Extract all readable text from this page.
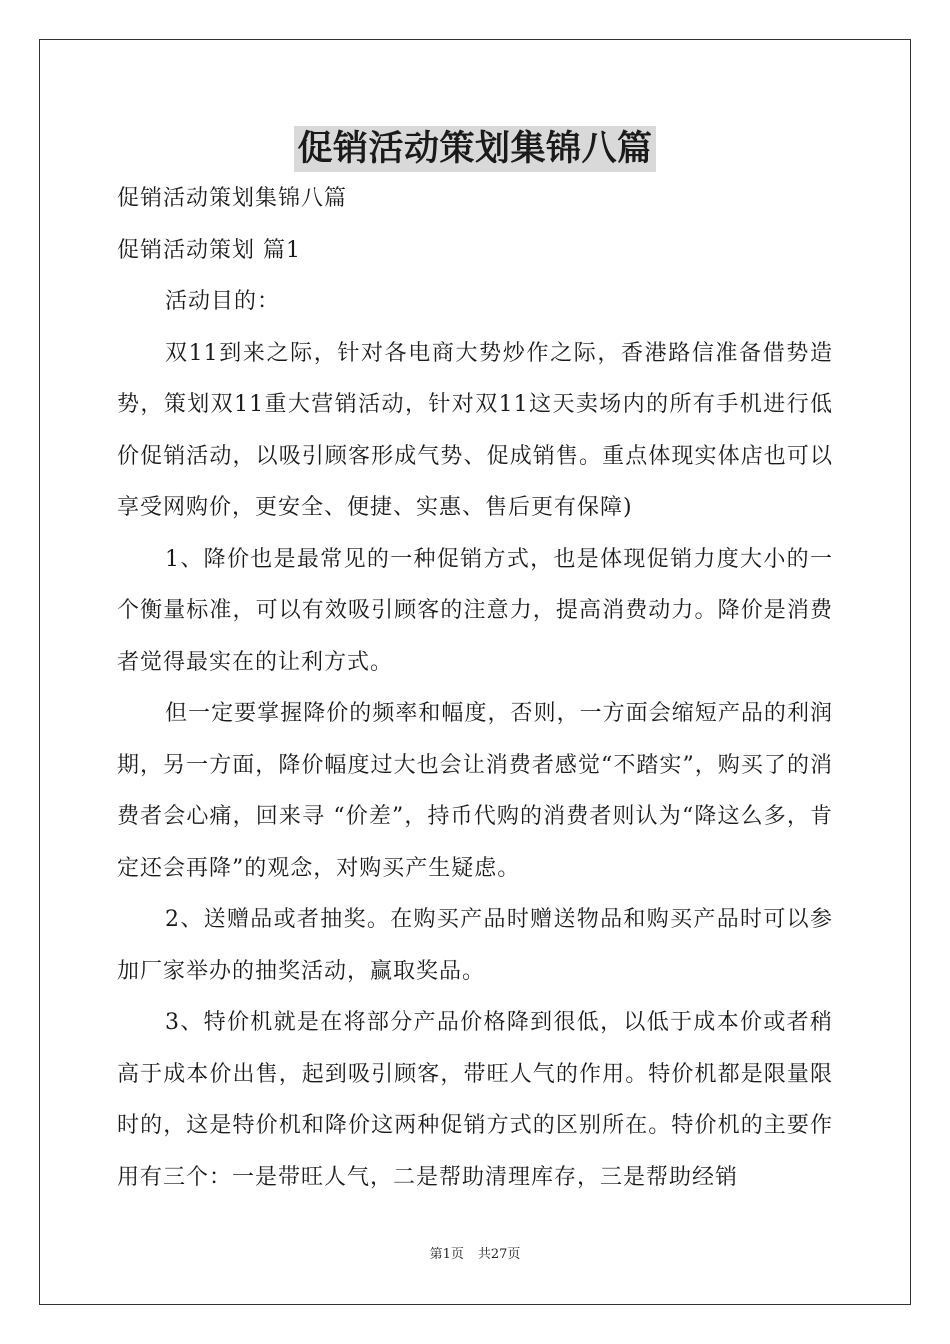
促销活动策划集锦八篇

促销活动策划集锦八篇

促销活动策划 篇1

活动目的：

双11到来之际，针对各电商大势炒作之际，香港路信准备借势造势，策划双11重大营销活动，针对双11这天卖场内的所有手机进行低价促销活动，以吸引顾客形成气势、促成销售。重点体现实体店也可以享受网购价，更安全、便捷、实惠、售后更有保障)

1、降价也是最常见的一种促销方式，也是体现促销力度大小的一个衡量标准，可以有效吸引顾客的注意力，提高消费动力。降价是消费者觉得最实在的让利方式。

但一定要掌握降价的频率和幅度，否则，一方面会缩短产品的利润期，另一方面，降价幅度过大也会让消费者感觉“不踏实”，购买了的消费者会心痛，回来寻 “价差”，持币代购的消费者则认为“降这么多，肯定还会再降”的观念，对购买产生疑虑。

2、送赠品或者抽奖。在购买产品时赠送物品和购买产品时可以参加厂家举办的抽奖活动，赢取奖品。

3、特价机就是在将部分产品价格降到很低，以低于成本价或者稍高于成本价出售，起到吸引顾客，带旺人气的作用。特价机都是限量限时的，这是特价机和降价这两种促销方式的区别所在。特价机的主要作用有三个：一是带旺人气，二是帮助清理库存，三是帮助经销

第1页 共27页
